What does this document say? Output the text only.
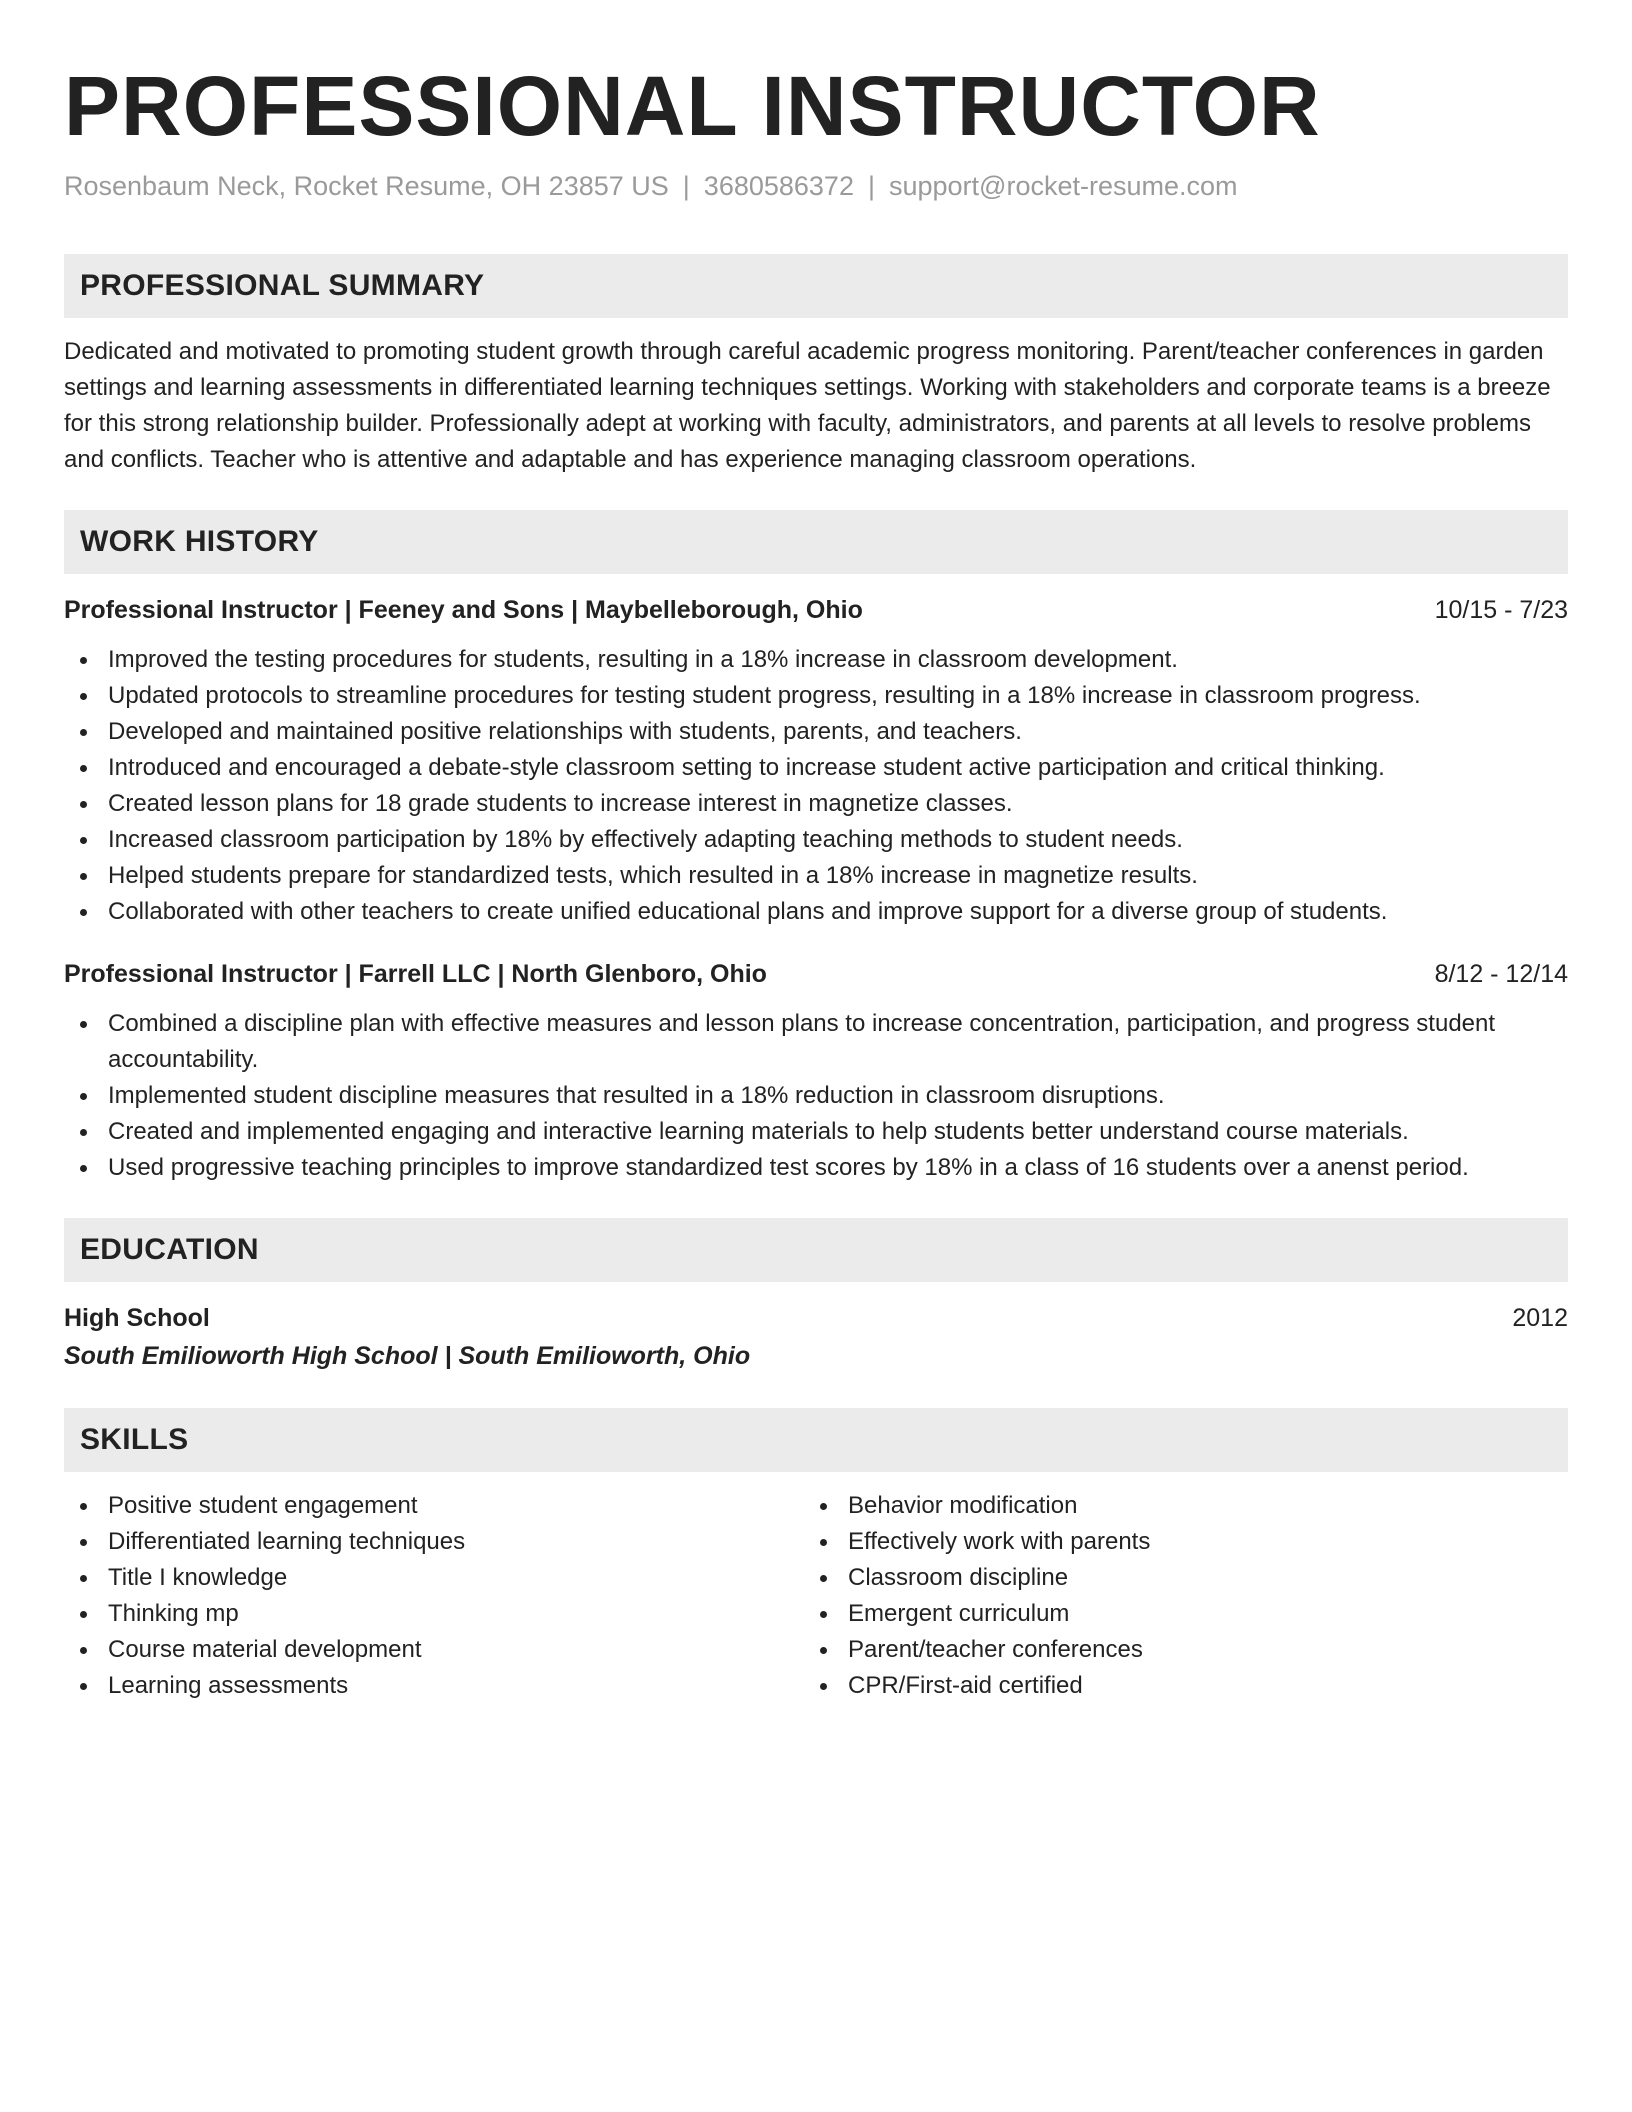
PROFESSIONAL INSTRUCTOR
Rosenbaum Neck, Rocket Resume, OH 23857 US | 3680586372 | support@rocket-resume.com
PROFESSIONAL SUMMARY
Dedicated and motivated to promoting student growth through careful academic progress monitoring. Parent/teacher conferences in garden settings and learning assessments in differentiated learning techniques settings. Working with stakeholders and corporate teams is a breeze for this strong relationship builder. Professionally adept at working with faculty, administrators, and parents at all levels to resolve problems and conflicts. Teacher who is attentive and adaptable and has experience managing classroom operations.
WORK HISTORY
Professional Instructor | Feeney and Sons | Maybelleborough, Ohio	10/15 - 7/23
Improved the testing procedures for students, resulting in a 18% increase in classroom development.
Updated protocols to streamline procedures for testing student progress, resulting in a 18% increase in classroom progress.
Developed and maintained positive relationships with students, parents, and teachers.
Introduced and encouraged a debate-style classroom setting to increase student active participation and critical thinking.
Created lesson plans for 18 grade students to increase interest in magnetize classes.
Increased classroom participation by 18% by effectively adapting teaching methods to student needs.
Helped students prepare for standardized tests, which resulted in a 18% increase in magnetize results.
Collaborated with other teachers to create unified educational plans and improve support for a diverse group of students.
Professional Instructor | Farrell LLC | North Glenboro, Ohio	8/12 - 12/14
Combined a discipline plan with effective measures and lesson plans to increase concentration, participation, and progress student accountability.
Implemented student discipline measures that resulted in a 18% reduction in classroom disruptions.
Created and implemented engaging and interactive learning materials to help students better understand course materials.
Used progressive teaching principles to improve standardized test scores by 18% in a class of 16 students over a anenst period.
EDUCATION
High School	2012
South Emilioworth High School | South Emilioworth, Ohio
SKILLS
Positive student engagement
Differentiated learning techniques
Title I knowledge
Thinking mp
Course material development
Learning assessments
Behavior modification
Effectively work with parents
Classroom discipline
Emergent curriculum
Parent/teacher conferences
CPR/First-aid certified
